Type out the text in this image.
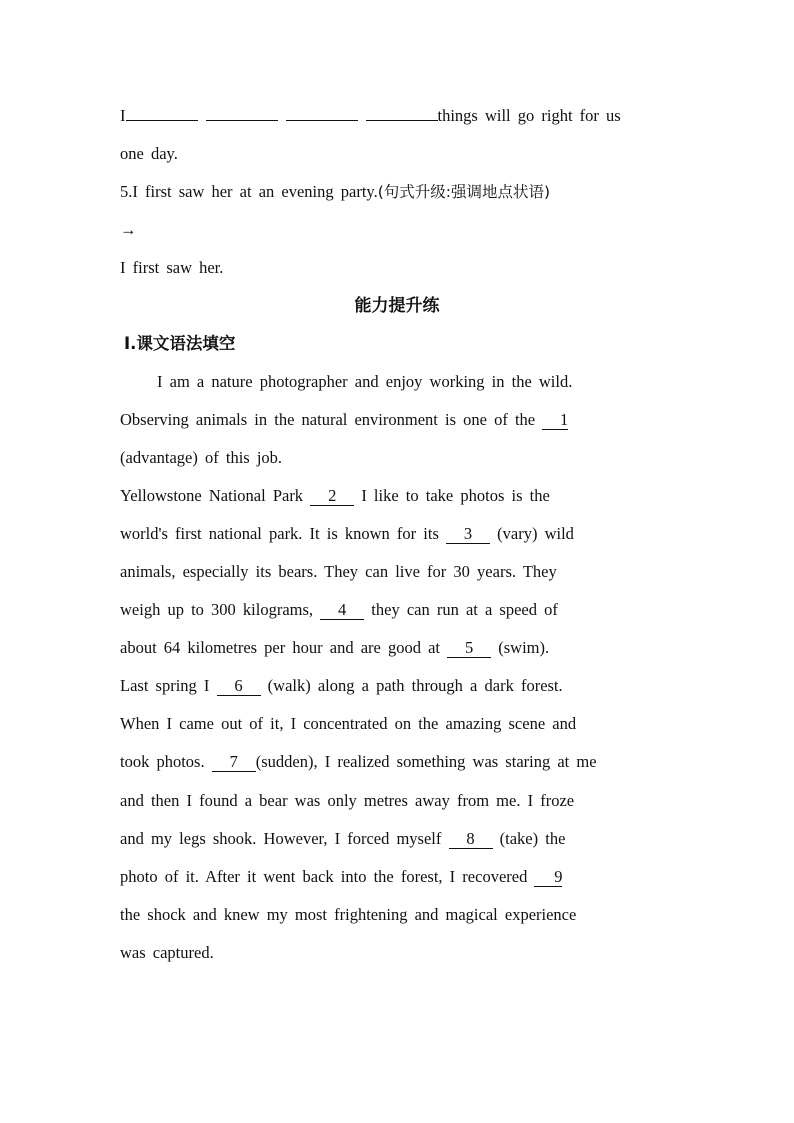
I	things will go right for us
one day.
5.I first saw her at an evening party.(句式升级:强调地点状语)
→
I first saw her.
能力提升练
Ⅰ.课文语法填空
I am a nature photographer and enjoy working in the wild.
Observing animals in the natural environment is one of the 1
(advantage) of this job.
Yellowstone National Park 2 I like to take photos is the
world's first national park. It is known for its 3 (vary) wild
animals, especially its bears. They can live for 30 years. They
weigh up to 300 kilograms, 4 they can run at a speed of
about 64 kilometres per hour and are good at 5 (swim).
Last spring I 6 (walk) along a path through a dark forest.
When I came out of it, I concentrated on the amazing scene and
took photos. 7 (sudden), I realized something was staring at me
and then I found a bear was only metres away from me. I froze
and my legs shook. However, I forced myself 8 (take) the
photo of it. After it went back into the forest, I recovered 9
the shock and knew my most frightening and magical experience
was captured.
